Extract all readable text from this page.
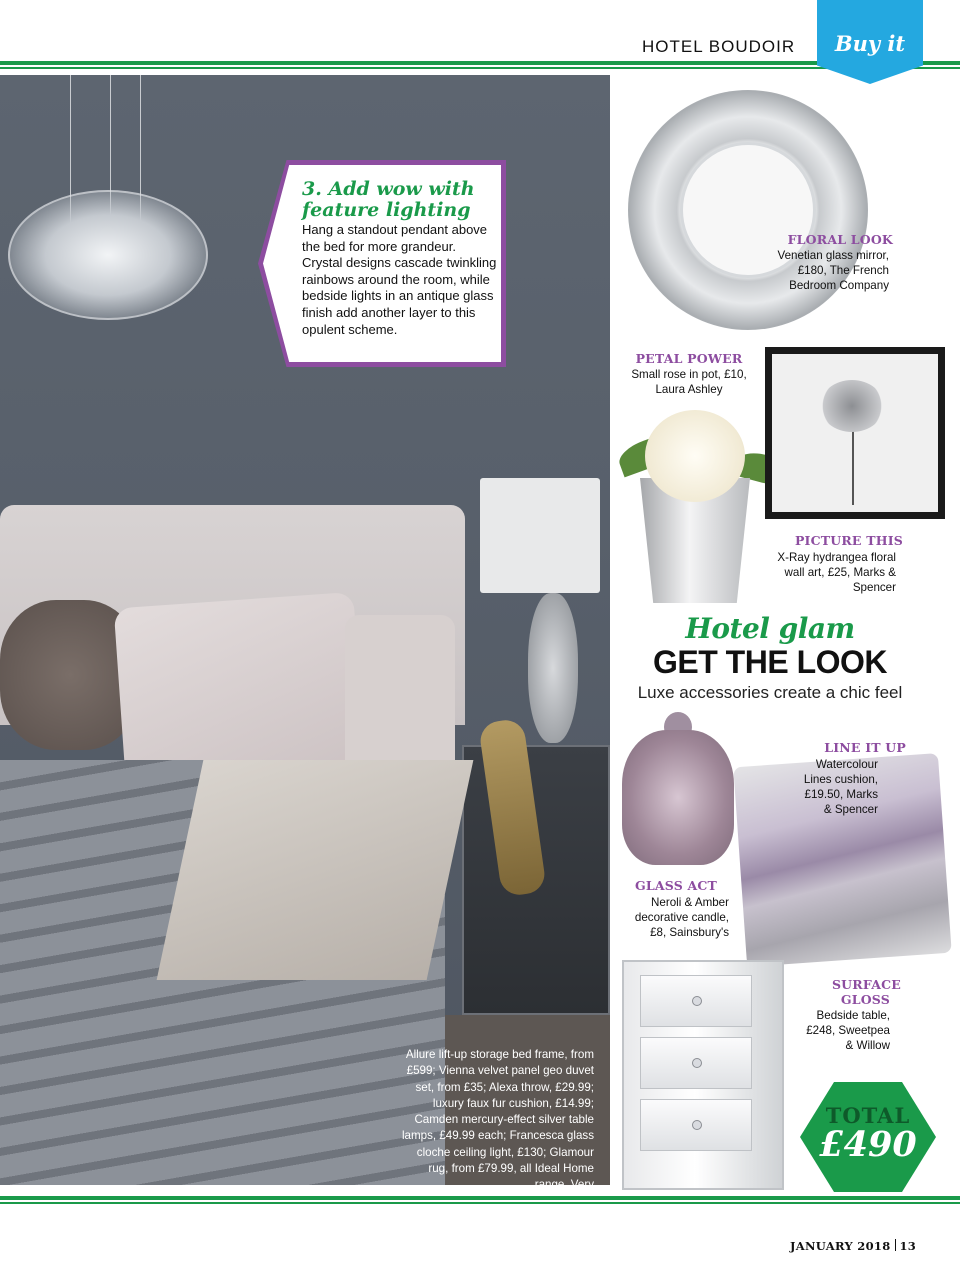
HOTEL BOUDOIR	Buy it
Allure lift-up storage bed frame, from £599; Vienna velvet panel geo duvet set, from £35; Alexa throw, £29.99; luxury faux fur cushion, £14.99; Camden mercury-effect silver table lamps, £49.99 each; Francesca glass cloche ceiling light, £130; Glamour rug, from £79.99, all Ideal Home range, Very
3. Add wow with feature lighting
Hang a standout pendant above the bed for more grandeur. Crystal designs cascade twinkling rainbows around the room, while bedside lights in an antique glass finish add another layer to this opulent scheme.
FLORAL LOOK
Venetian glass mirror, £180, The French Bedroom Company
PETAL POWER
Small rose in pot, £10, Laura Ashley
PICTURE THIS
X-Ray hydrangea floral wall art, £25, Marks & Spencer
Hotel glam
GET THE LOOK
Luxe accessories create a chic feel
GLASS ACT
Neroli & Amber decorative candle, £8, Sainsbury's
LINE IT UP
Watercolour Lines cushion, £19.50, Marks & Spencer
SURFACE
GLOSS
Bedside table, £248, Sweetpea & Willow
TOTAL
£490
JANUARY 2018 13
